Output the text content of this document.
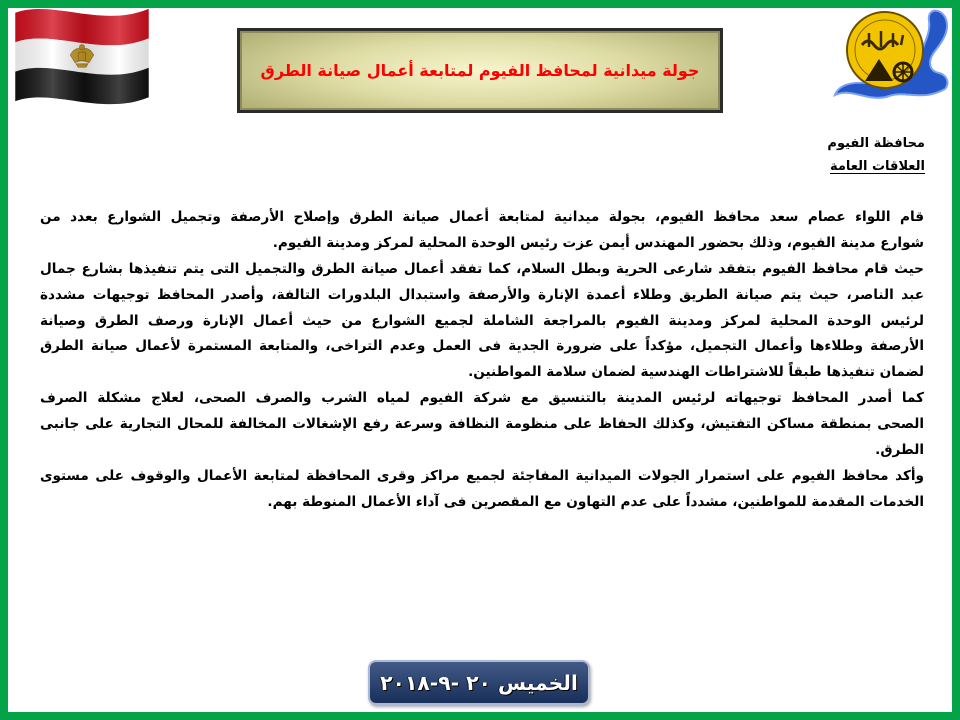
جولة ميدانية لمحافظ الفيوم لمتابعة أعمال صيانة الطرق
محافظة الفيوم
العلاقات العامة
قام اللواء عصام سعد محافظ الفيوم، بجولة ميدانية لمتابعة أعمال صيانة الطرق وإصلاح الأرصفة وتجميل الشوارع بعدد من
شوارع مدينة الفيوم، وذلك بحضور المهندس أيمن عزت رئيس الوحدة المحلية لمركز ومدينة الفيوم.
حيث قام محافظ الفيوم بتفقد شارعى الحرية وبطل السلام، كما تفقد أعمال صيانة الطرق والتجميل التى يتم تنفيذها بشارع جمال
عبد الناصر، حيث يتم صيانة الطريق وطلاء أعمدة الإنارة والأرصفة واستبدال البلدورات التالفة، وأصدر المحافظ توجيهات مشددة
لرئيس الوحدة المحلية لمركز ومدينة الفيوم بالمراجعة الشاملة لجميع الشوارع من حيث أعمال الإنارة ورصف الطرق وصيانة
الأرصفة وطلاءها وأعمال التجميل، مؤكداً على ضرورة الجدية فى العمل وعدم التراخى، والمتابعة المستمرة لأعمال صيانة الطرق
لضمان تنفيذها طبقاً للاشتراطات الهندسية لضمان سلامة المواطنين.
كما أصدر المحافظ توجيهاته لرئيس المدينة بالتنسيق مع شركة الفيوم لمياه الشرب والصرف الصحى، لعلاج مشكلة الصرف
الصحى بمنطقة مساكن التفتيش، وكذلك الحفاظ على منظومة النظافة وسرعة رفع الإشغالات المخالفة للمحال التجارية على جانبى
الطرق.
وأكد محافظ الفيوم على استمرار الجولات الميدانية المفاجئة لجميع مراكز وقرى المحافظة لمتابعة الأعمال والوقوف على مستوى
الخدمات المقدمة للمواطنين، مشدداً على عدم التهاون مع المقصرين فى آداء الأعمال المنوطة بهم.
الخميس ٢٠ -٩-٢٠١٨
